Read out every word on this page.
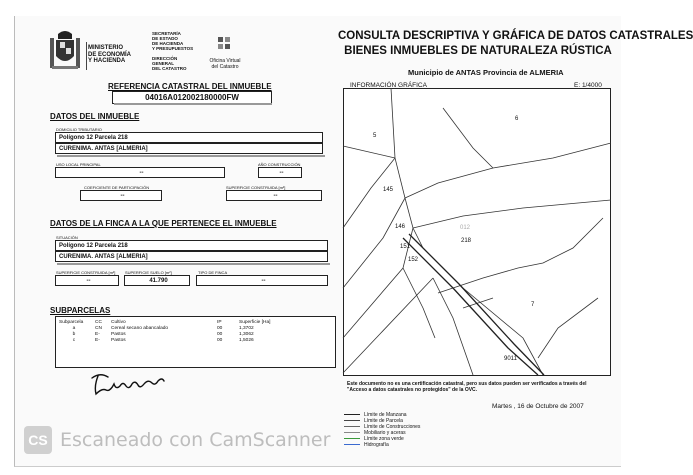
MINISTERIO
DE ECONOMÍA
Y HACIENDA
SECRETARÍA
DE ESTADO
DE HACIENDA
Y PRESUPUESTOS
DIRECCIÓN
GENERAL
DEL CATASTRO
Oficina Virtual
del Catastro
REFERENCIA CATASTRAL DEL INMUEBLE
04016A012002180000FW
DATOS DEL INMUEBLE
DOMICILIO TRIBUTARIO
Polígono 12 Parcela 218
CURENIMA. ANTAS [ALMERIA]
USO LOCAL PRINCIPAL
--
AÑO CONSTRUCCIÓN
--
COEFICIENTE DE PARTICIPACIÓN
--
SUPERFICIE CONSTRUIDA [m²]
--
DATOS DE LA FINCA A LA QUE PERTENECE EL INMUEBLE
SITUACIÓN
Polígono 12 Parcela 218
CURENIMA. ANTAS [ALMERIA]
SUPERFICIE CONSTRUIDA [m²]
--
SUPERFICIE SUELO [m²]
41.790
TIPO DE FINCA
--
SUBPARCELAS
Subparcela	CC	Cultivo	IP	Superficie [Ha]
a	CN	Cereal secano abancalado	00	1,3702
b	E-	Pastos	00	1,3062
c	E-	Pastos	00	1,5026
CONSULTA DESCRIPTIVA Y GRÁFICA DE DATOS CATASTRALES
BIENES INMUEBLES DE NATURALEZA RÚSTICA
Municipio de ANTAS Provincia de ALMERIA
INFORMACIÓN GRÁFICA	E: 1/4000
5
6
145
146
151
152
012
218
7
9011
Este documento no es una certificación catastral, pero sus datos pueden ser verificados a través del
"Acceso a datos catastrales no protegidos" de la OVC.
Martes , 16 de Octubre de 2007
Límite de Manzana
Límite de Parcela
Límite de Construcciones
Mobiliario y aceras
Límite zona verde
Hidrografía
CS Escaneado con CamScanner
